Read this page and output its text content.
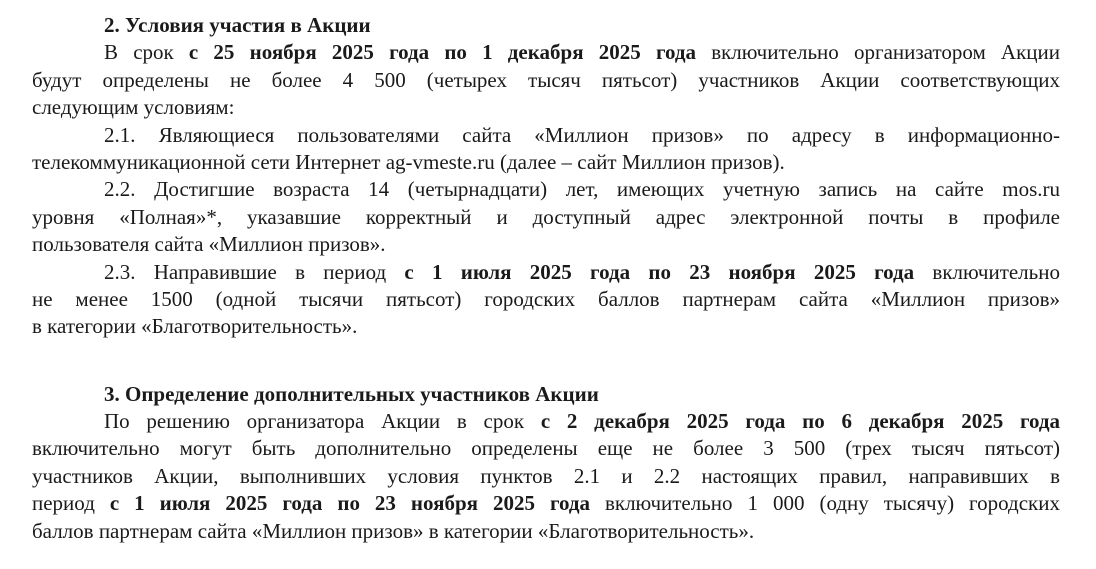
2. Условия участия в Акции
В срок с 25 ноября 2025 года по 1 декабря 2025 года включительно организатором Акции
будут определены не более 4 500 (четырех тысяч пятьсот) участников Акции соответствующих
следующим условиям:
2.1. Являющиеся пользователями сайта «Миллион призов» по адресу в информационно-
телекоммуникационной сети Интернет ag-vmeste.ru (далее – сайт Миллион призов).
2.2. Достигшие возраста 14 (четырнадцати) лет, имеющих учетную запись на сайте mos.ru
уровня «Полная»*, указавшие корректный и доступный адрес электронной почты в профиле
пользователя сайта «Миллион призов».
2.3. Направившие в период с 1 июля 2025 года по 23 ноября 2025 года включительно
не менее 1500 (одной тысячи пятьсот) городских баллов партнерам сайта «Миллион призов»
в категории «Благотворительность».
3. Определение дополнительных участников Акции
По решению организатора Акции в срок с 2 декабря 2025 года по 6 декабря 2025 года
включительно могут быть дополнительно определены еще не более 3 500 (трех тысяч пятьсот)
участников Акции, выполнивших условия пунктов 2.1 и 2.2 настоящих правил, направивших в
период с 1 июля 2025 года по 23 ноября 2025 года включительно 1 000 (одну тысячу) городских
баллов партнерам сайта «Миллион призов» в категории «Благотворительность».
